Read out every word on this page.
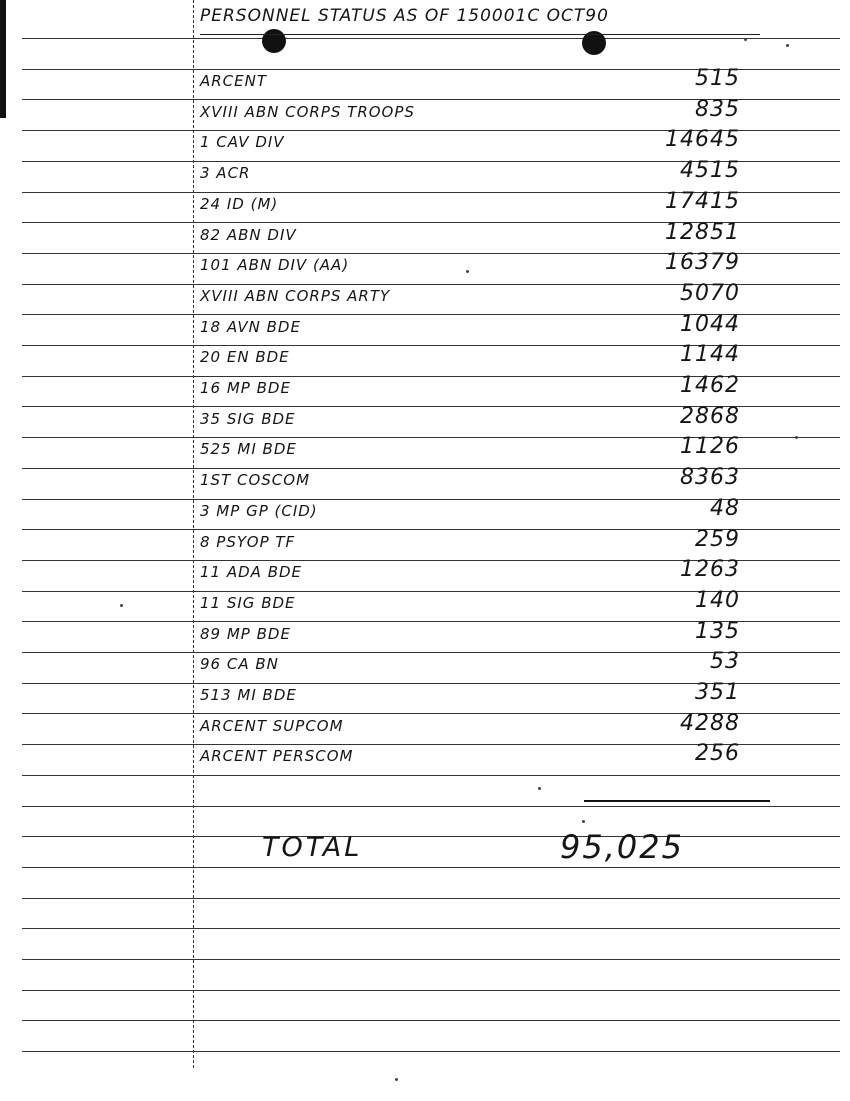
PERSONNEL STATUS AS OF 150001C OCT90
ARCENT	515
XVIII ABN CORPS TROOPS	835
1 CAV DIV	14645
3 ACR	4515
24 ID (M)	17415
82 ABN DIV	12851
101 ABN DIV (AA)	16379
XVIII ABN CORPS ARTY	5070
18 AVN BDE	1044
20 EN BDE	1144
16 MP BDE	1462
35 SIG BDE	2868
525 MI BDE	1126
1ST COSCOM	8363
3 MP GP (CID)	48
8 PSYOP TF	259
11 ADA BDE	1263
11 SIG BDE	140
89 MP BDE	135
96 CA BN	53
513 MI BDE	351
ARCENT SUPCOM	4288
ARCENT PERSCOM	256
TOTAL	95,025
